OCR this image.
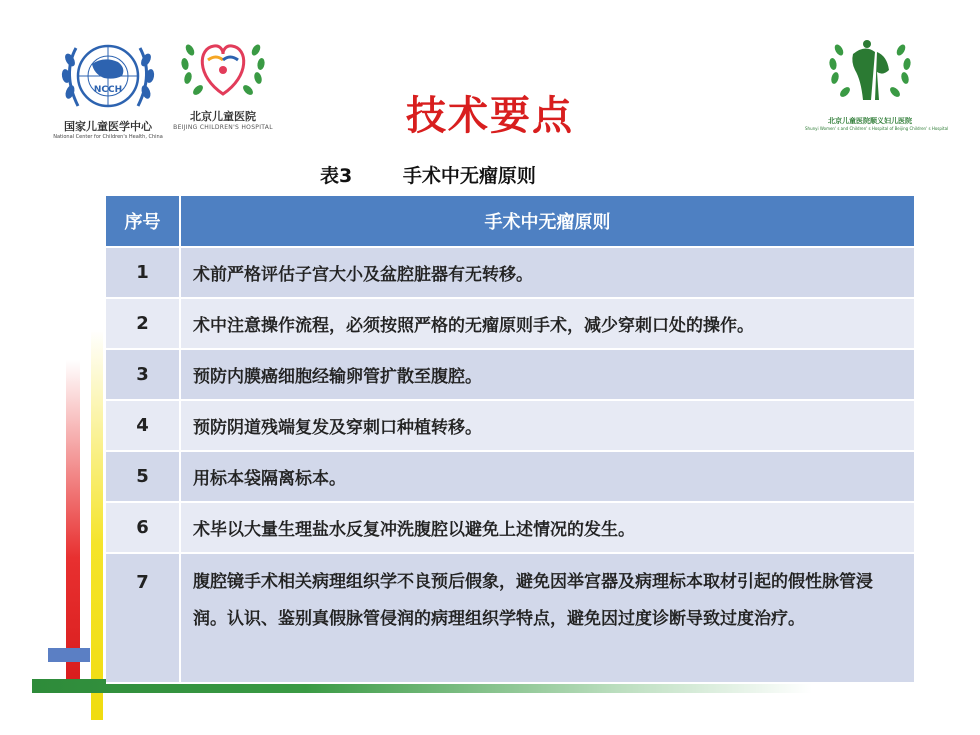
NCCH
国家儿童医学中心
National Center for Children's Health, China
北京儿童医院
BEIJING CHILDREN'S HOSPITAL
北京儿童医院顺义妇儿医院
Shunyi Women' s and Children' s Hospital of Beijing Children' s Hospital
技术要点
表3	手术中无瘤原则
序号	手术中无瘤原则
1	术前严格评估子宫大小及盆腔脏器有无转移。
2	术中注意操作流程，必须按照严格的无瘤原则手术，减少穿刺口处的操作。
3	预防内膜癌细胞经输卵管扩散至腹腔。
4	预防阴道残端复发及穿刺口种植转移。
5	用标本袋隔离标本。
6	术毕以大量生理盐水反复冲洗腹腔以避免上述情况的发生。
7	腹腔镜手术相关病理组织学不良预后假象，避免因举宫器及病理标本取材引起的假性脉管浸润。认识、鉴别真假脉管侵润的病理组织学特点，避免因过度诊断导致过度治疗。
